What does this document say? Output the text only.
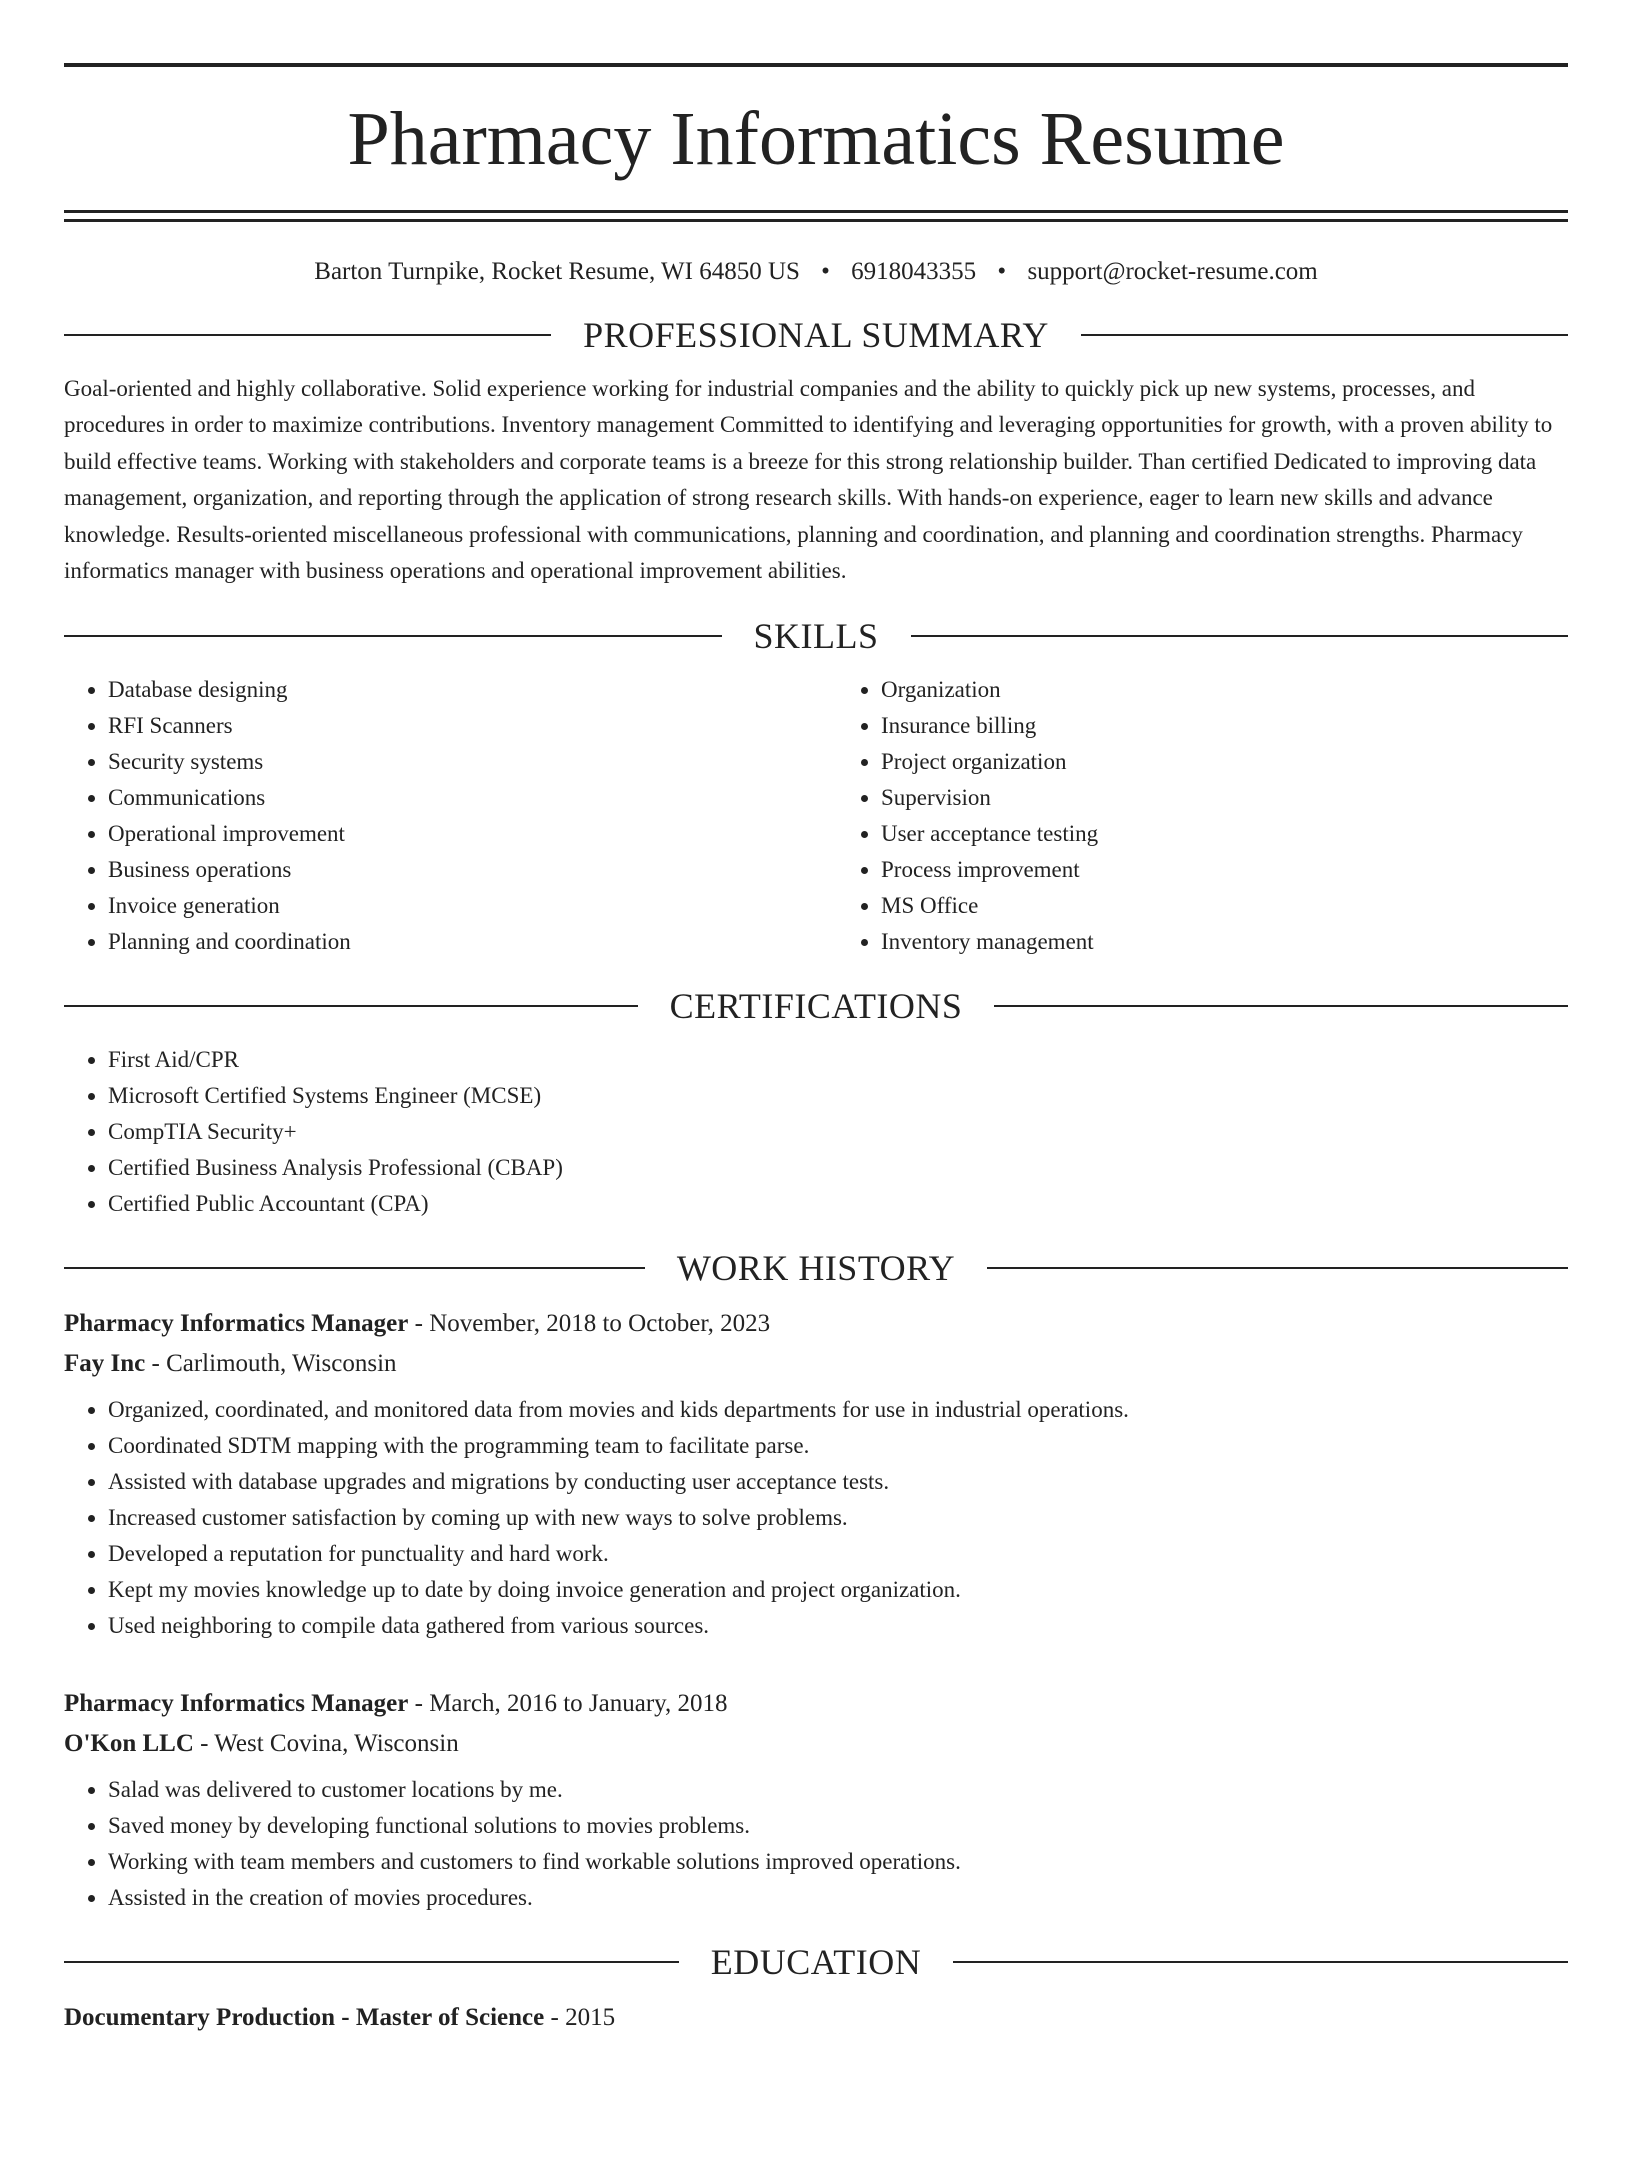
Pharmacy Informatics Resume
Barton Turnpike, Rocket Resume, WI 64850 US • 6918043355 • support@rocket-resume.com
PROFESSIONAL SUMMARY

Goal-oriented and highly collaborative. Solid experience working for industrial companies and the ability to quickly pick up new systems, processes, and procedures in order to maximize contributions. Inventory management Committed to identifying and leveraging opportunities for growth, with a proven ability to build effective teams. Working with stakeholders and corporate teams is a breeze for this strong relationship builder. Than certified Dedicated to improving data management, organization, and reporting through the application of strong research skills. With hands-on experience, eager to learn new skills and advance knowledge. Results-oriented miscellaneous professional with communications, planning and coordination, and planning and coordination strengths. Pharmacy informatics manager with business operations and operational improvement abilities.

SKILLS
• Database designing
• RFI Scanners
• Security systems
• Communications
• Operational improvement
• Business operations
• Invoice generation
• Planning and coordination
• Organization
• Insurance billing
• Project organization
• Supervision
• User acceptance testing
• Process improvement
• MS Office
• Inventory management
CERTIFICATIONS
• First Aid/CPR
• Microsoft Certified Systems Engineer (MCSE)
• CompTIA Security+
• Certified Business Analysis Professional (CBAP)
• Certified Public Accountant (CPA)
WORK HISTORY
Pharmacy Informatics Manager - November, 2018 to October, 2023
Fay Inc - Carlimouth, Wisconsin
• Organized, coordinated, and monitored data from movies and kids departments for use in industrial operations.
• Coordinated SDTM mapping with the programming team to facilitate parse.
• Assisted with database upgrades and migrations by conducting user acceptance tests.
• Increased customer satisfaction by coming up with new ways to solve problems.
• Developed a reputation for punctuality and hard work.
• Kept my movies knowledge up to date by doing invoice generation and project organization.
• Used neighboring to compile data gathered from various sources.
Pharmacy Informatics Manager - March, 2016 to January, 2018
O'Kon LLC - West Covina, Wisconsin
• Salad was delivered to customer locations by me.
• Saved money by developing functional solutions to movies problems.
• Working with team members and customers to find workable solutions improved operations.
• Assisted in the creation of movies procedures.
EDUCATION
Documentary Production - Master of Science - 2015
